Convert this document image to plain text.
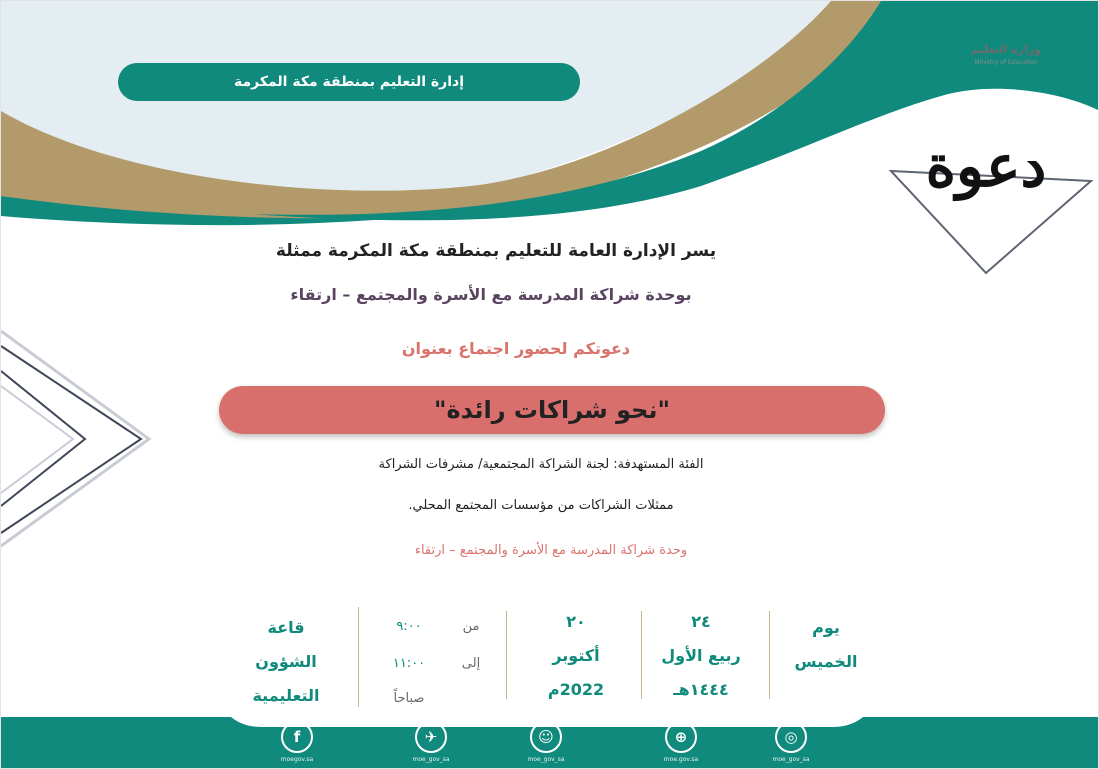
وزارة التعليم
Ministry of Education
إدارة التعليم بمنطقة مكة المكرمة
دعوة
يسر الإدارة العامة للتعليم بمنطقة مكة المكرمة ممثلة
بوحدة شراكة المدرسة مع الأسرة والمجتمع – ارتقاء
دعوتكم لحضور اجتماع بعنوان
"نحو شراكات رائدة"
الفئة المستهدفة: لجنة الشراكة المجتمعية/ مشرفات الشراكة
ممثلات الشراكات من مؤسسات المجتمع المحلي.
وحدة شراكة المدرسة مع الأسرة والمجتمع – ارتقاء
يوم
الخميس
٢٤
ربيع الأول
١٤٤٤هـ
٢٠
أكتوبر
2022م
من
٩:٠٠
إلى
١١:٠٠
صباحاً
قاعة
الشؤون
التعليمية
◎
moe_gov_sa
⊕
moe.gov.sa
☺
moe_gov_sa
✈
moe_gov_sa
f
moegov.sa
